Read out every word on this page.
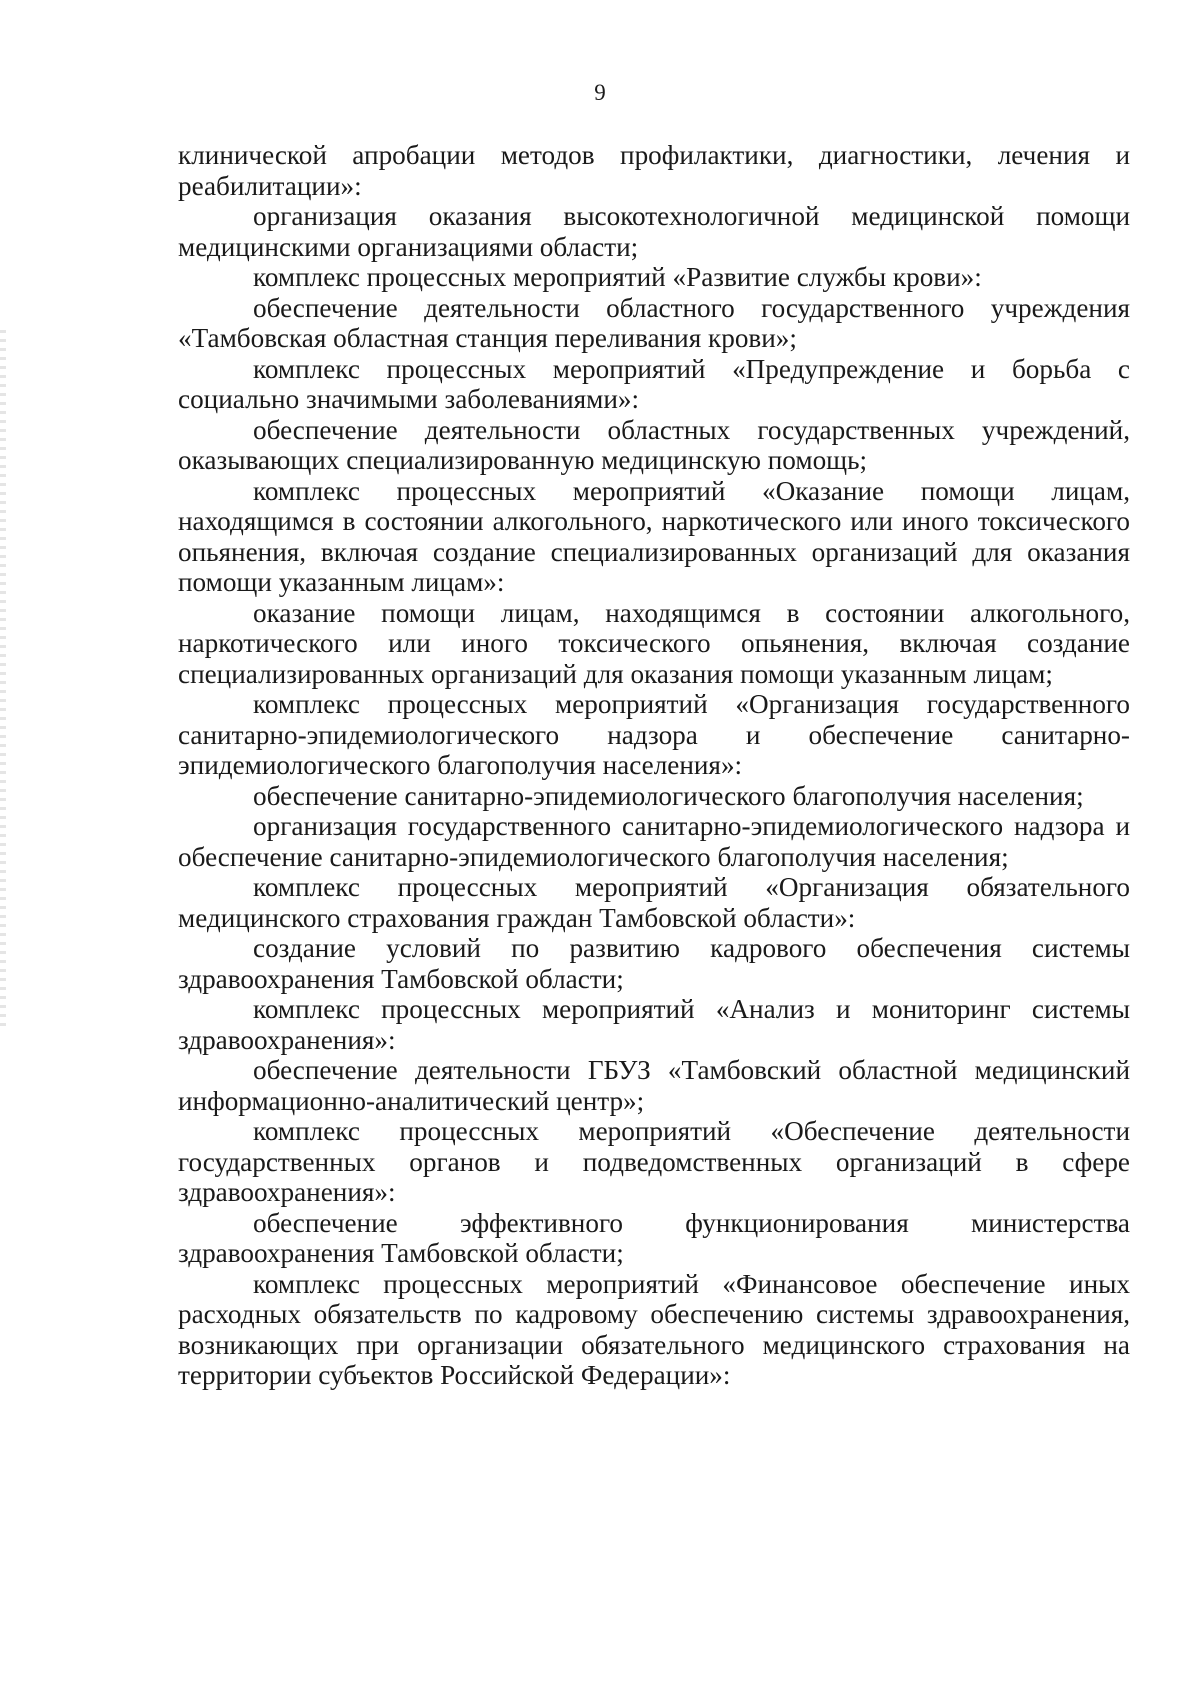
9

клинической апробации методов профилактики, диагностики, лечения и реабилитации»:

организация оказания высокотехнологичной медицинской помощи медицинскими организациями области;

комплекс процессных мероприятий «Развитие службы крови»:

обеспечение деятельности областного государственного учреждения «Тамбовская областная станция переливания крови»;

комплекс процессных мероприятий «Предупреждение и борьба с социально значимыми заболеваниями»:

обеспечение деятельности областных государственных учреждений, оказывающих специализированную медицинскую помощь;

комплекс процессных мероприятий «Оказание помощи лицам, находящимся в состоянии алкогольного, наркотического или иного токсического опьянения, включая создание специализированных организаций для оказания помощи указанным лицам»:

оказание помощи лицам, находящимся в состоянии алкогольного, наркотического или иного токсического опьянения, включая создание специализированных организаций для оказания помощи указанным лицам;

комплекс процессных мероприятий «Организация государственного санитарно-эпидемиологического надзора и обеспечение санитарно-эпидемиологического благополучия населения»:

обеспечение санитарно-эпидемиологического благополучия населения;

организация государственного санитарно-эпидемиологического надзора и обеспечение санитарно-эпидемиологического благополучия населения;

комплекс процессных мероприятий «Организация обязательного медицинского страхования граждан Тамбовской области»:

создание условий по развитию кадрового обеспечения системы здравоохранения Тамбовской области;

комплекс процессных мероприятий «Анализ и мониторинг системы здравоохранения»:

обеспечение деятельности ГБУЗ «Тамбовский областной медицинский информационно-аналитический центр»;

комплекс процессных мероприятий «Обеспечение деятельности государственных органов и подведомственных организаций в сфере здравоохранения»:

обеспечение эффективного функционирования министерства здравоохранения Тамбовской области;

комплекс процессных мероприятий «Финансовое обеспечение иных расходных обязательств по кадровому обеспечению системы здравоохранения, возникающих при организации обязательного медицинского страхования на территории субъектов Российской Федерации»:
